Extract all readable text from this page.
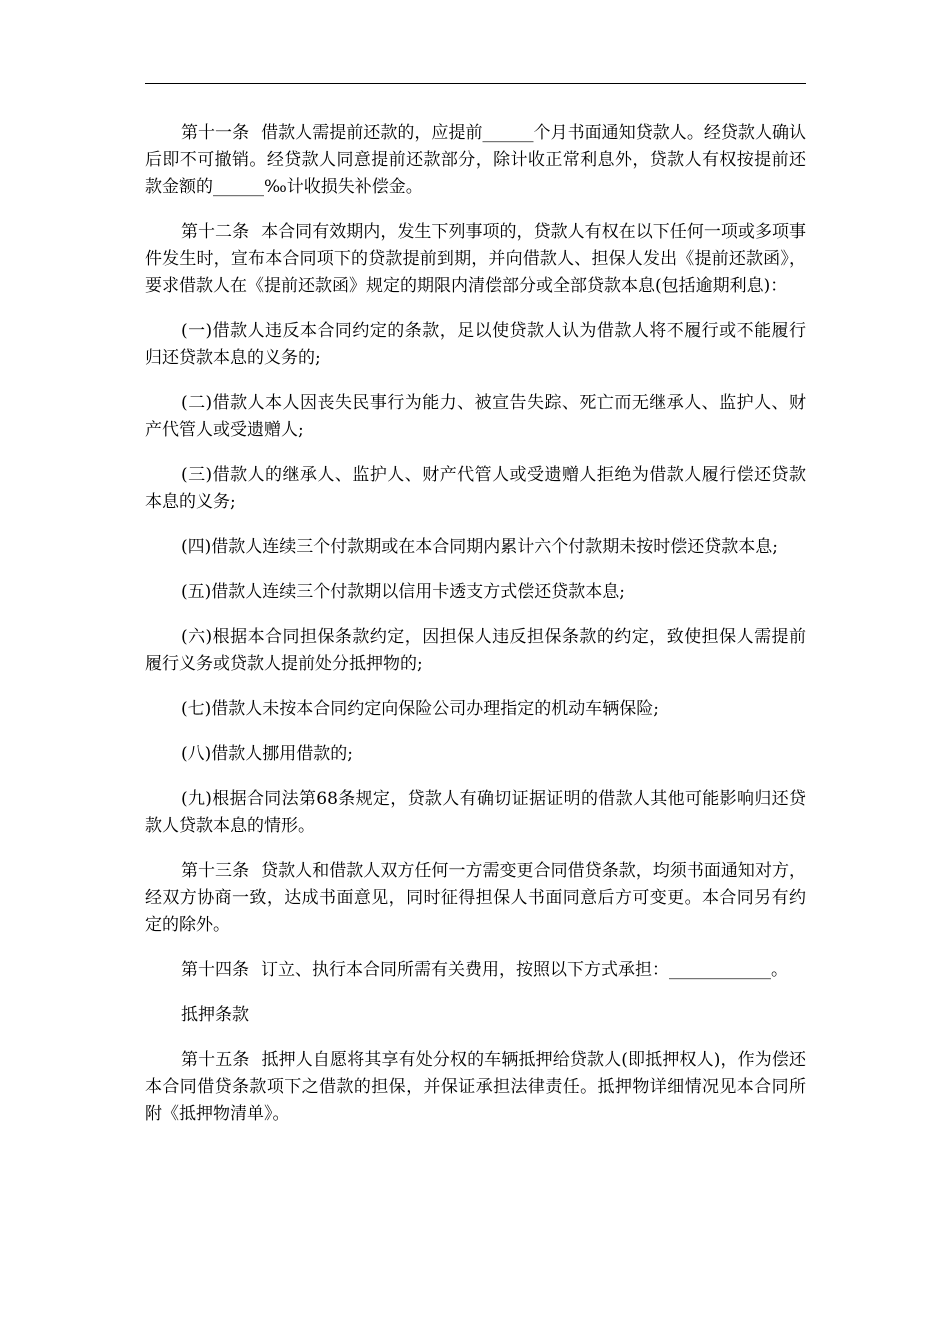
第十一条 借款人需提前还款的，应提前______个月书面通知贷款人。经贷款人确认后即不可撤销。经贷款人同意提前还款部分，除计收正常利息外，贷款人有权按提前还款金额的______‰计收损失补偿金。

第十二条 本合同有效期内，发生下列事项的，贷款人有权在以下任何一项或多项事件发生时，宣布本合同项下的贷款提前到期，并向借款人、担保人发出《提前还款函》，要求借款人在《提前还款函》规定的期限内清偿部分或全部贷款本息(包括逾期利息)：

(一)借款人违反本合同约定的条款，足以使贷款人认为借款人将不履行或不能履行归还贷款本息的义务的;

(二)借款人本人因丧失民事行为能力、被宣告失踪、死亡而无继承人、监护人、财产代管人或受遗赠人;

(三)借款人的继承人、监护人、财产代管人或受遗赠人拒绝为借款人履行偿还贷款本息的义务;

(四)借款人连续三个付款期或在本合同期内累计六个付款期未按时偿还贷款本息;

(五)借款人连续三个付款期以信用卡透支方式偿还贷款本息;

(六)根据本合同担保条款约定，因担保人违反担保条款的约定，致使担保人需提前履行义务或贷款人提前处分抵押物的;

(七)借款人未按本合同约定向保险公司办理指定的机动车辆保险;

(八)借款人挪用借款的;

(九)根据合同法第68条规定，贷款人有确切证据证明的借款人其他可能影响归还贷款人贷款本息的情形。

第十三条 贷款人和借款人双方任何一方需变更合同借贷条款，均须书面通知对方，经双方协商一致，达成书面意见，同时征得担保人书面同意后方可变更。本合同另有约定的除外。

第十四条 订立、执行本合同所需有关费用，按照以下方式承担：____________。

抵押条款

第十五条 抵押人自愿将其享有处分权的车辆抵押给贷款人(即抵押权人)，作为偿还本合同借贷条款项下之借款的担保，并保证承担法律责任。抵押物详细情况见本合同所附《抵押物清单》。
